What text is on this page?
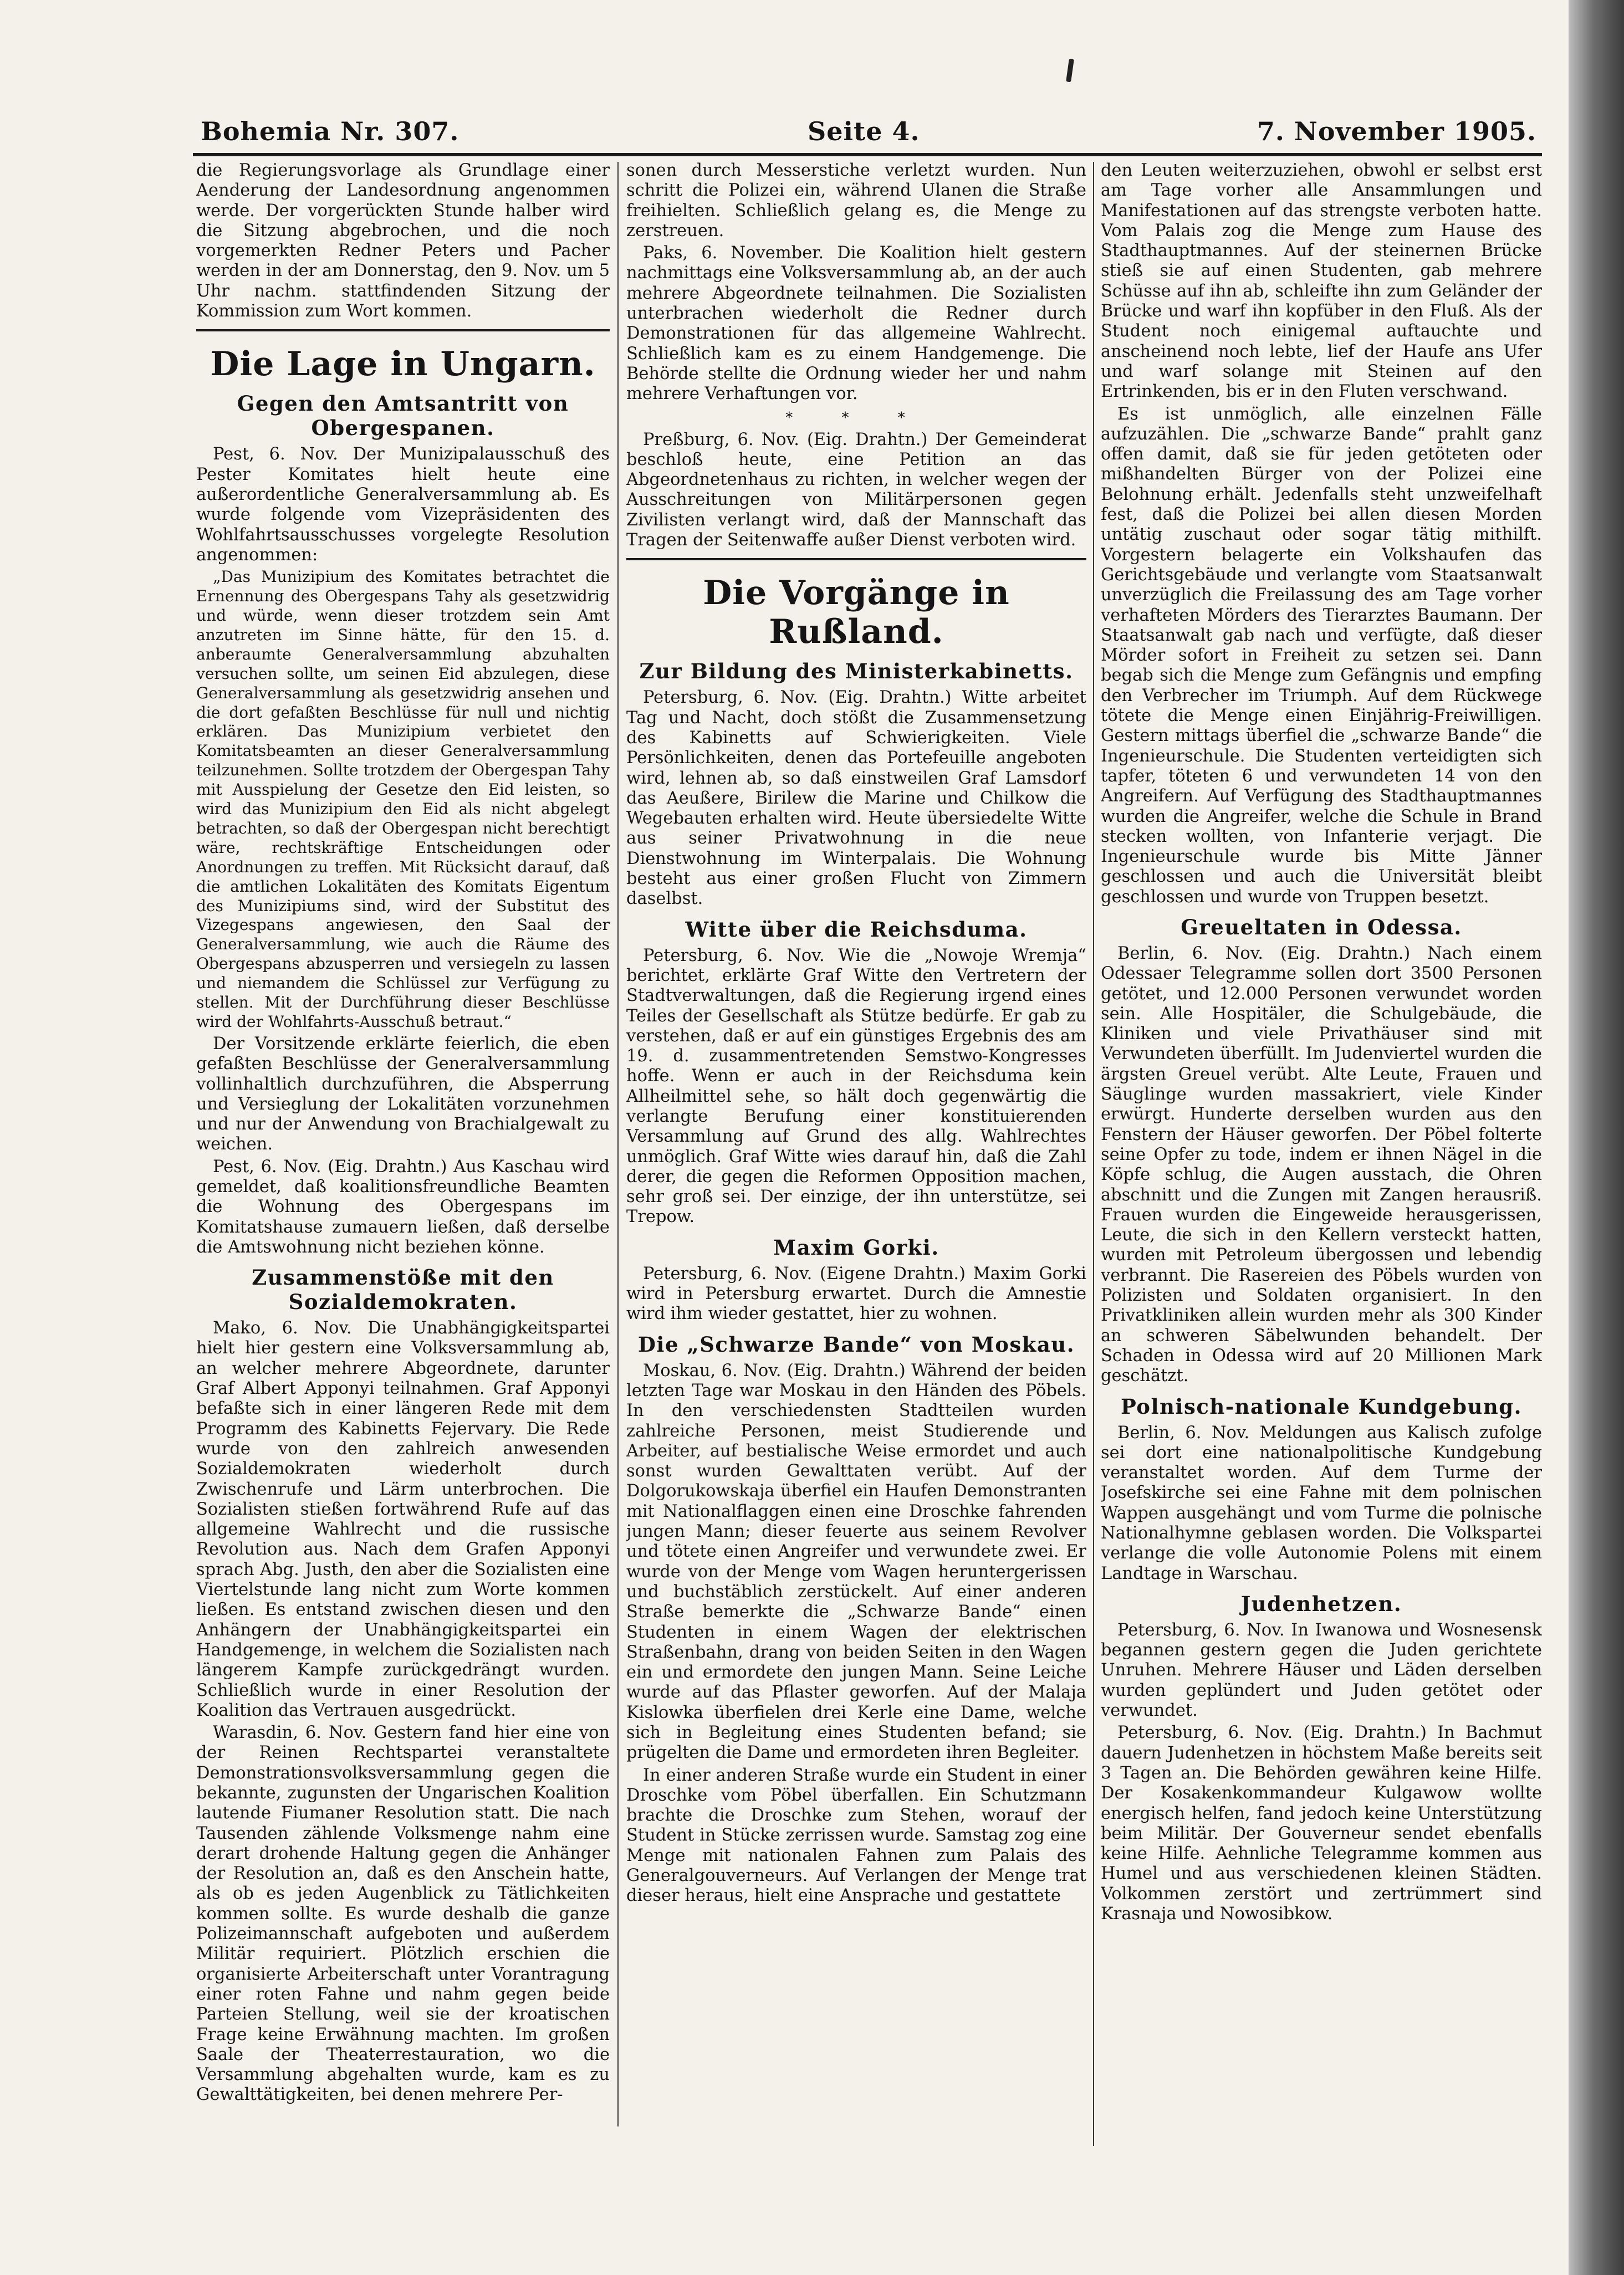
Bohemia Nr. 307.	Seite 4.	7. November 1905.

die Regierungsvorlage als Grundlage einer Aenderung der Landesordnung angenommen werde. Der vorgerückten Stunde halber wird die Sitzung abgebrochen, und die noch vorgemerkten Redner Peters und Pacher werden in der am Donnerstag, den 9. Nov. um 5 Uhr nachm. stattfindenden Sitzung der Kommission zum Wort kommen.

Die Lage in Ungarn.
Gegen den Amtsantritt von Obergespanen.

Pest, 6. Nov. Der Munizipalausschuß des Pester Komitates hielt heute eine außerordentliche Generalversammlung ab. Es wurde folgende vom Vizepräsidenten des Wohlfahrtsausschusses vorgelegte Resolution angenommen:

„Das Munizipium des Komitates betrachtet die Ernennung des Obergespans Tahy als gesetzwidrig und würde, wenn dieser trotzdem sein Amt anzutreten im Sinne hätte, für den 15. d. anberaumte Generalversammlung abzuhalten versuchen sollte, um seinen Eid abzulegen, diese Generalversammlung als gesetzwidrig ansehen und die dort gefaßten Beschlüsse für null und nichtig erklären. Das Munizipium verbietet den Komitatsbeamten an dieser Generalversammlung teilzunehmen. Sollte trotzdem der Obergespan Tahy mit Ausspielung der Gesetze den Eid leisten, so wird das Munizipium den Eid als nicht abgelegt betrachten, so daß der Obergespan nicht berechtigt wäre, rechtskräftige Entscheidungen oder Anordnungen zu treffen. Mit Rücksicht darauf, daß die amtlichen Lokalitäten des Komitats Eigentum des Munizipiums sind, wird der Substitut des Vizegespans angewiesen, den Saal der Generalversammlung, wie auch die Räume des Obergespans abzusperren und versiegeln zu lassen und niemandem die Schlüssel zur Verfügung zu stellen. Mit der Durchführung dieser Beschlüsse wird der Wohlfahrts-Ausschuß betraut.“

Der Vorsitzende erklärte feierlich, die eben gefaßten Beschlüsse der Generalversammlung vollinhaltlich durchzuführen, die Absperrung und Versieglung der Lokalitäten vorzunehmen und nur der Anwendung von Brachialgewalt zu weichen.

Pest, 6. Nov. (Eig. Drahtn.) Aus Kaschau wird gemeldet, daß koalitionsfreundliche Beamten die Wohnung des Obergespans im Komitatshause zumauern ließen, daß derselbe die Amtswohnung nicht beziehen könne.

Zusammenstöße mit den Sozialdemokraten.

Mako, 6. Nov. Die Unabhängigkeitspartei hielt hier gestern eine Volksversammlung ab, an welcher mehrere Abgeordnete, darunter Graf Albert Apponyi teilnahmen. Graf Apponyi befaßte sich in einer längeren Rede mit dem Programm des Kabinetts Fejervary. Die Rede wurde von den zahlreich anwesenden Sozialdemokraten wiederholt durch Zwischenrufe und Lärm unterbrochen. Die Sozialisten stießen fortwährend Rufe auf das allgemeine Wahlrecht und die russische Revolution aus. Nach dem Grafen Apponyi sprach Abg. Justh, den aber die Sozialisten eine Viertelstunde lang nicht zum Worte kommen ließen. Es entstand zwischen diesen und den Anhängern der Unabhängigkeitspartei ein Handgemenge, in welchem die Sozialisten nach längerem Kampfe zurückgedrängt wurden. Schließlich wurde in einer Resolution der Koalition das Vertrauen ausgedrückt.

Warasdin, 6. Nov. Gestern fand hier eine von der Reinen Rechtspartei veranstaltete Demonstrationsvolksversammlung gegen die bekannte, zugunsten der Ungarischen Koalition lautende Fiumaner Resolution statt. Die nach Tausenden zählende Volksmenge nahm eine derart drohende Haltung gegen die Anhänger der Resolution an, daß es den Anschein hatte, als ob es jeden Augenblick zu Tätlichkeiten kommen sollte. Es wurde deshalb die ganze Polizeimannschaft aufgeboten und außerdem Militär requiriert. Plötzlich erschien die organisierte Arbeiterschaft unter Vorantragung einer roten Fahne und nahm gegen beide Parteien Stellung, weil sie der kroatischen Frage keine Erwähnung machten. Im großen Saale der Theaterrestauration, wo die Versammlung abgehalten wurde, kam es zu Gewalttätigkeiten, bei denen mehrere Per-

sonen durch Messerstiche verletzt wurden. Nun schritt die Polizei ein, während Ulanen die Straße freihielten. Schließlich gelang es, die Menge zu zerstreuen.

Paks, 6. November. Die Koalition hielt gestern nachmittags eine Volksversammlung ab, an der auch mehrere Abgeordnete teilnahmen. Die Sozialisten unterbrachen wiederholt die Redner durch Demonstrationen für das allgemeine Wahlrecht. Schließlich kam es zu einem Handgemenge. Die Behörde stellte die Ordnung wieder her und nahm mehrere Verhaftungen vor.

* * *

Preßburg, 6. Nov. (Eig. Drahtn.) Der Gemeinderat beschloß heute, eine Petition an das Abgeordnetenhaus zu richten, in welcher wegen der Ausschreitungen von Militärpersonen gegen Zivilisten verlangt wird, daß der Mannschaft das Tragen der Seitenwaffe außer Dienst verboten wird.

Die Vorgänge in Rußland.
Zur Bildung des Ministerkabinetts.

Petersburg, 6. Nov. (Eig. Drahtn.) Witte arbeitet Tag und Nacht, doch stößt die Zusammensetzung des Kabinetts auf Schwierigkeiten. Viele Persönlichkeiten, denen das Portefeuille angeboten wird, lehnen ab, so daß einstweilen Graf Lamsdorf das Aeußere, Birilew die Marine und Chilkow die Wegebauten erhalten wird. Heute übersiedelte Witte aus seiner Privatwohnung in die neue Dienstwohnung im Winterpalais. Die Wohnung besteht aus einer großen Flucht von Zimmern daselbst.

Witte über die Reichsduma.

Petersburg, 6. Nov. Wie die „Nowoje Wremja“ berichtet, erklärte Graf Witte den Vertretern der Stadtverwaltungen, daß die Regierung irgend eines Teiles der Gesellschaft als Stütze bedürfe. Er gab zu verstehen, daß er auf ein günstiges Ergebnis des am 19. d. zusammentretenden Semstwo-Kongresses hoffe. Wenn er auch in der Reichsduma kein Allheilmittel sehe, so hält doch gegenwärtig die verlangte Berufung einer konstituierenden Versammlung auf Grund des allg. Wahlrechtes unmöglich. Graf Witte wies darauf hin, daß die Zahl derer, die gegen die Reformen Opposition machen, sehr groß sei. Der einzige, der ihn unterstütze, sei Trepow.

Maxim Gorki.

Petersburg, 6. Nov. (Eigene Drahtn.) Maxim Gorki wird in Petersburg erwartet. Durch die Amnestie wird ihm wieder gestattet, hier zu wohnen.

Die „Schwarze Bande“ von Moskau.

Moskau, 6. Nov. (Eig. Drahtn.) Während der beiden letzten Tage war Moskau in den Händen des Pöbels. In den verschiedensten Stadtteilen wurden zahlreiche Personen, meist Studierende und Arbeiter, auf bestialische Weise ermordet und auch sonst wurden Gewalttaten verübt. Auf der Dolgorukowskaja überfiel ein Haufen Demonstranten mit Nationalflaggen einen eine Droschke fahrenden jungen Mann; dieser feuerte aus seinem Revolver und tötete einen Angreifer und verwundete zwei. Er wurde von der Menge vom Wagen heruntergerissen und buchstäblich zerstückelt. Auf einer anderen Straße bemerkte die „Schwarze Bande“ einen Studenten in einem Wagen der elektrischen Straßenbahn, drang von beiden Seiten in den Wagen ein und ermordete den jungen Mann. Seine Leiche wurde auf das Pflaster geworfen. Auf der Malaja Kislowka überfielen drei Kerle eine Dame, welche sich in Begleitung eines Studenten befand; sie prügelten die Dame und ermordeten ihren Begleiter.

In einer anderen Straße wurde ein Student in einer Droschke vom Pöbel überfallen. Ein Schutzmann brachte die Droschke zum Stehen, worauf der Student in Stücke zerrissen wurde. Samstag zog eine Menge mit nationalen Fahnen zum Palais des Generalgouverneurs. Auf Verlangen der Menge trat dieser heraus, hielt eine Ansprache und gestattete

den Leuten weiterzuziehen, obwohl er selbst erst am Tage vorher alle Ansammlungen und Manifestationen auf das strengste verboten hatte. Vom Palais zog die Menge zum Hause des Stadthauptmannes. Auf der steinernen Brücke stieß sie auf einen Studenten, gab mehrere Schüsse auf ihn ab, schleifte ihn zum Geländer der Brücke und warf ihn kopfüber in den Fluß. Als der Student noch einigemal auftauchte und anscheinend noch lebte, lief der Haufe ans Ufer und warf solange mit Steinen auf den Ertrinkenden, bis er in den Fluten verschwand.

Es ist unmöglich, alle einzelnen Fälle aufzuzählen. Die „schwarze Bande“ prahlt ganz offen damit, daß sie für jeden getöteten oder mißhandelten Bürger von der Polizei eine Belohnung erhält. Jedenfalls steht unzweifelhaft fest, daß die Polizei bei allen diesen Morden untätig zuschaut oder sogar tätig mithilft. Vorgestern belagerte ein Volkshaufen das Gerichtsgebäude und verlangte vom Staatsanwalt unverzüglich die Freilassung des am Tage vorher verhafteten Mörders des Tierarztes Baumann. Der Staatsanwalt gab nach und verfügte, daß dieser Mörder sofort in Freiheit zu setzen sei. Dann begab sich die Menge zum Gefängnis und empfing den Verbrecher im Triumph. Auf dem Rückwege tötete die Menge einen Einjährig-Freiwilligen. Gestern mittags überfiel die „schwarze Bande“ die Ingenieurschule. Die Studenten verteidigten sich tapfer, töteten 6 und verwundeten 14 von den Angreifern. Auf Verfügung des Stadthauptmannes wurden die Angreifer, welche die Schule in Brand stecken wollten, von Infanterie verjagt. Die Ingenieurschule wurde bis Mitte Jänner geschlossen und auch die Universität bleibt geschlossen und wurde von Truppen besetzt.

Greueltaten in Odessa.

Berlin, 6. Nov. (Eig. Drahtn.) Nach einem Odessaer Telegramme sollen dort 3500 Personen getötet, und 12.000 Personen verwundet worden sein. Alle Hospitäler, die Schulgebäude, die Kliniken und viele Privathäuser sind mit Verwundeten überfüllt. Im Judenviertel wurden die ärgsten Greuel verübt. Alte Leute, Frauen und Säuglinge wurden massakriert, viele Kinder erwürgt. Hunderte derselben wurden aus den Fenstern der Häuser geworfen. Der Pöbel folterte seine Opfer zu tode, indem er ihnen Nägel in die Köpfe schlug, die Augen ausstach, die Ohren abschnitt und die Zungen mit Zangen herausriß. Frauen wurden die Eingeweide herausgerissen, Leute, die sich in den Kellern versteckt hatten, wurden mit Petroleum übergossen und lebendig verbrannt. Die Rasereien des Pöbels wurden von Polizisten und Soldaten organisiert. In den Privatkliniken allein wurden mehr als 300 Kinder an schweren Säbelwunden behandelt. Der Schaden in Odessa wird auf 20 Millionen Mark geschätzt.

Polnisch-nationale Kundgebung.

Berlin, 6. Nov. Meldungen aus Kalisch zufolge sei dort eine nationalpolitische Kundgebung veranstaltet worden. Auf dem Turme der Josefskirche sei eine Fahne mit dem polnischen Wappen ausgehängt und vom Turme die polnische Nationalhymne geblasen worden. Die Volkspartei verlange die volle Autonomie Polens mit einem Landtage in Warschau.

Judenhetzen.

Petersburg, 6. Nov. In Iwanowa und Wosnesensk begannen gestern gegen die Juden gerichtete Unruhen. Mehrere Häuser und Läden derselben wurden geplündert und Juden getötet oder verwundet.

Petersburg, 6. Nov. (Eig. Drahtn.) In Bachmut dauern Judenhetzen in höchstem Maße bereits seit 3 Tagen an. Die Behörden gewähren keine Hilfe. Der Kosakenkommandeur Kulgawow wollte energisch helfen, fand jedoch keine Unterstützung beim Militär. Der Gouverneur sendet ebenfalls keine Hilfe. Aehnliche Telegramme kommen aus Humel und aus verschiedenen kleinen Städten. Volkommen zerstört und zertrümmert sind Krasnaja und Nowosibkow.
